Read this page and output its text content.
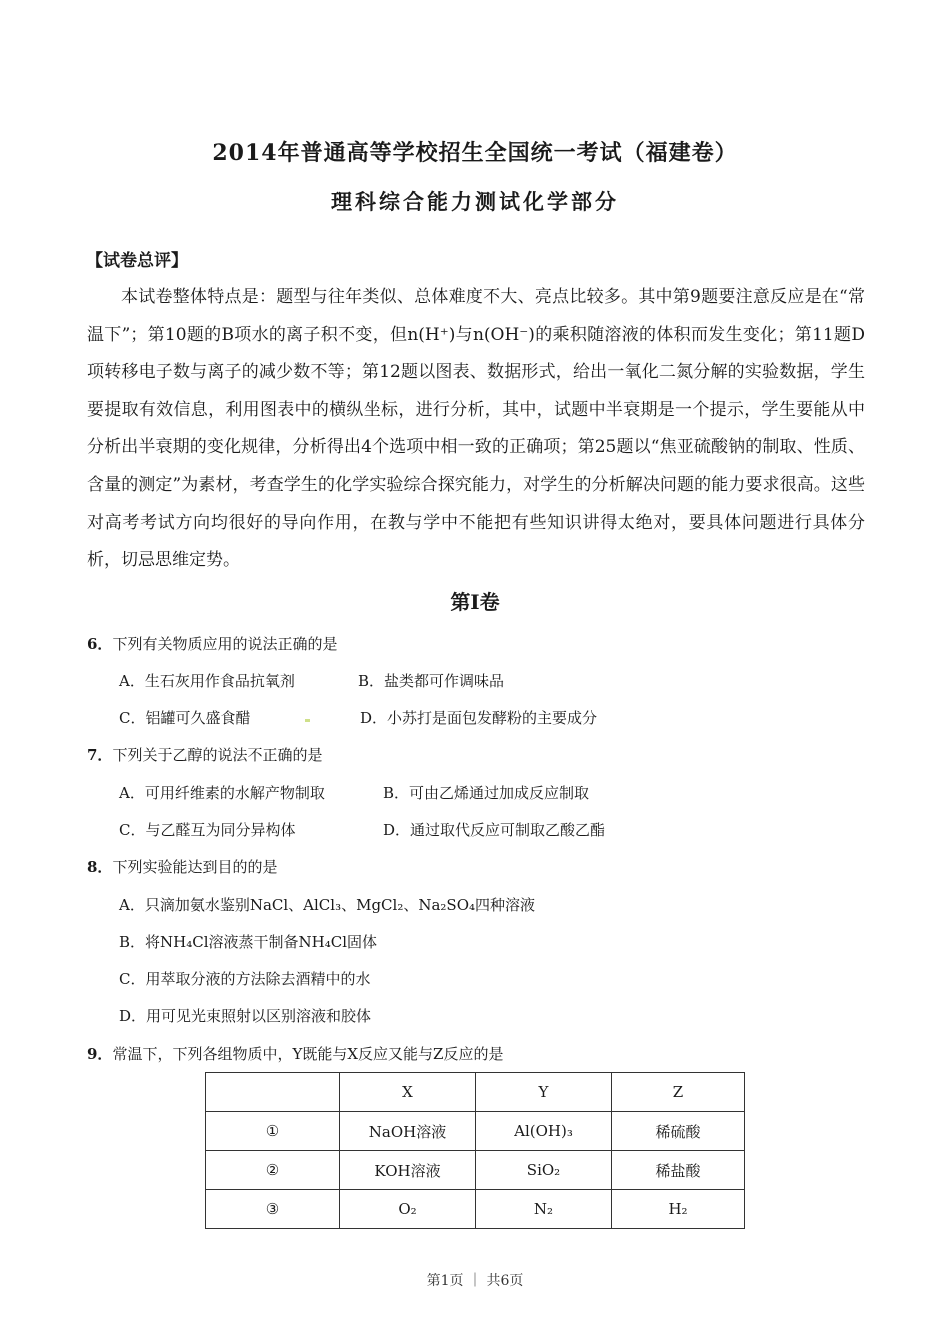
2014年普通高等学校招生全国统一考试（福建卷）
理科综合能力测试化学部分
【试卷总评】
本试卷整体特点是：题型与往年类似、总体难度不大、亮点比较多。其中第9题要注意反应是在“常温下”；第10题的B项水的离子积不变，但n(H⁺)与n(OH⁻)的乘积随溶液的体积而发生变化；第11题D项转移电子数与离子的减少数不等；第12题以图表、数据形式，给出一氧化二氮分解的实验数据，学生要提取有效信息，利用图表中的横纵坐标，进行分析，其中，试题中半衰期是一个提示，学生要能从中分析出半衰期的变化规律，分析得出4个选项中相一致的正确项；第25题以“焦亚硫酸钠的制取、性质、含量的测定”为素材，考查学生的化学实验综合探究能力，对学生的分析解决问题的能力要求很高。这些对高考考试方向均很好的导向作用，在教与学中不能把有些知识讲得太绝对，要具体问题进行具体分析，切忌思维定势。
第I卷
6．下列有关物质应用的说法正确的是
A．生石灰用作食品抗氧剂	B．盐类都可作调味品
C．铝罐可久盛食醋	D．小苏打是面包发酵粉的主要成分
7．下列关于乙醇的说法不正确的是
A．可用纤维素的水解产物制取	B．可由乙烯通过加成反应制取
C．与乙醛互为同分异构体	D．通过取代反应可制取乙酸乙酯
8．下列实验能达到目的的是
A．只滴加氨水鉴别NaCl、AlCl₃、MgCl₂、Na₂SO₄四种溶液
B．将NH₄Cl溶液蒸干制备NH₄Cl固体
C．用萃取分液的方法除去酒精中的水
D．用可见光束照射以区别溶液和胶体
9．常温下，下列各组物质中，Y既能与X反应又能与Z反应的是
	X	Y	Z
①	NaOH溶液	Al(OH)₃	稀硫酸
②	KOH溶液	SiO₂	稀盐酸
③	O₂	N₂	H₂
第1页 ｜ 共6页
